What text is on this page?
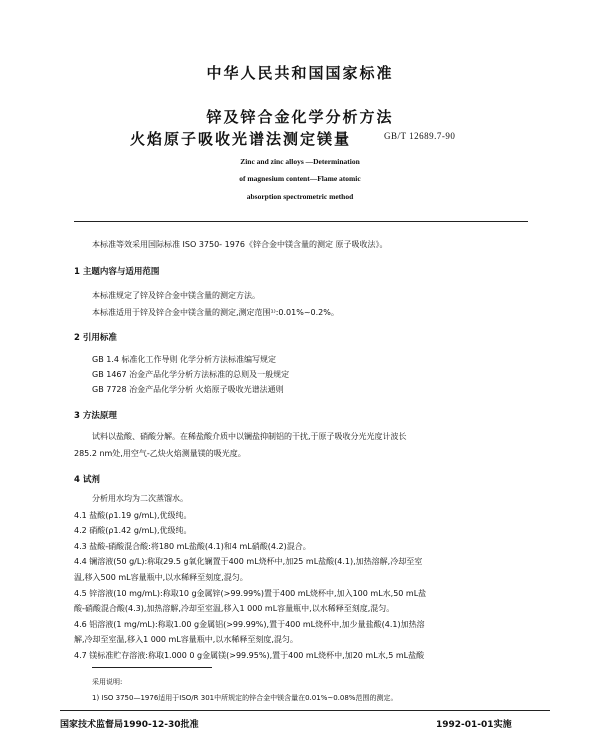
中华人民共和国国家标准
锌及锌合金化学分析方法
火焰原子吸收光谱法测定镁量	GB/T 12689.7-90
Zinc and zinc alloys —Determination
of magnesium content—Flame atomic
absorption spectrometric method
本标准等效采用国际标准 ISO 3750- 1976《锌合金中镁含量的测定 原子吸收法》。
1 主题内容与适用范围
本标准规定了锌及锌合金中镁含量的测定方法。
本标准适用于锌及锌合金中镁含量的测定,测定范围¹⁾:0.01%~0.2%。
2 引用标准
GB 1.4 标准化工作导则 化学分析方法标准编写规定
GB 1467 冶金产品化学分析方法标准的总则及一般规定
GB 7728 冶金产品化学分析 火焰原子吸收光谱法通则
3 方法原理
试料以盐酸、硝酸分解。在稀盐酸介质中以镧盐抑制铝的干扰,于原子吸收分光光度计波长
285.2 nm处,用空气-乙炔火焰测量镁的吸光度。
4 试剂
分析用水均为二次蒸馏水。
4.1 盐酸(ρ1.19 g/mL),优级纯。
4.2 硝酸(ρ1.42 g/mL),优级纯。
4.3 盐酸-硝酸混合酸:将180 mL盐酸(4.1)和4 mL硝酸(4.2)混合。
4.4 镧溶液(50 g/L):称取29.5 g氧化镧置于400 mL烧杯中,加25 mL盐酸(4.1),加热溶解,冷却至室
温,移入500 mL容量瓶中,以水稀释至刻度,混匀。
4.5 锌溶液(10 mg/mL):称取10 g金属锌(>99.99%)置于400 mL烧杯中,加入100 mL水,50 mL盐
酸-硝酸混合酸(4.3),加热溶解,冷却至室温,移入1 000 mL容量瓶中,以水稀释至刻度,混匀。
4.6 铝溶液(1 mg/mL):称取1.00 g金属铝(>99.99%),置于400 mL烧杯中,加少量盐酸(4.1)加热溶
解,冷却至室温,移入1 000 mL容量瓶中,以水稀释至刻度,混匀。
4.7 镁标准贮存溶液:称取1.000 0 g金属镁(>99.95%),置于400 mL烧杯中,加20 mL水,5 mL盐酸
采用说明:
1) ISO 3750—1976适用于ISO/R 301中所规定的锌合金中镁含量在0.01%~0.08%范围的测定。
国家技术监督局1990-12-30批准	1992-01-01实施
